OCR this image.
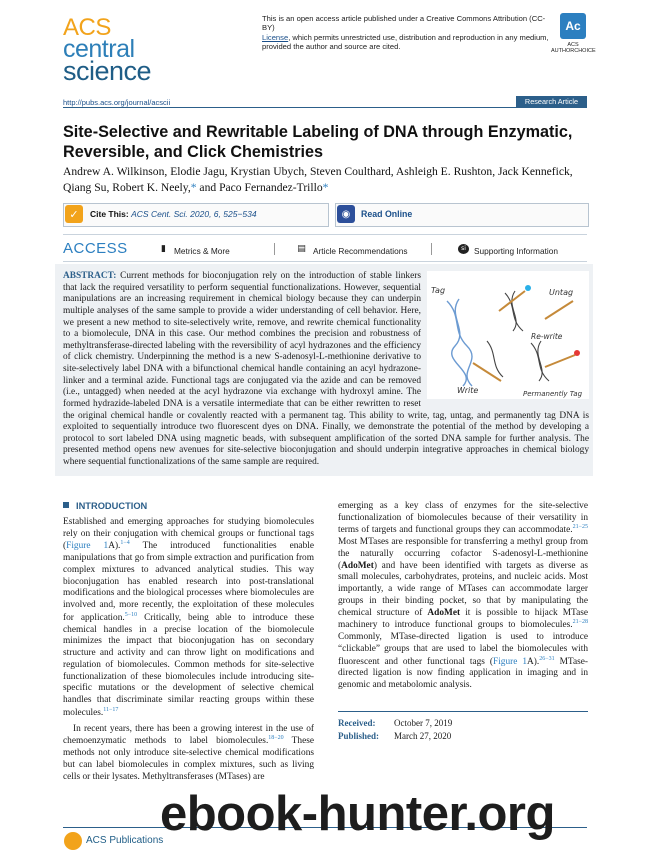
ACS
central
science
This is an open access article published under a Creative Commons Attribution (CC-BY)
License, which permits unrestricted use, distribution and reproduction in any medium, provided the author and source are cited.
Ac
ACS
AUTHORCHOICE
http://pubs.acs.org/journal/acscii	Research Article
Site-Selective and Rewritable Labeling of DNA through Enzymatic, Reversible, and Click Chemistries
Andrew A. Wilkinson, Elodie Jagu, Krystian Ubych, Steven Coulthard, Ashleigh E. Rushton, Jack Kennefick, Qiang Su, Robert K. Neely,* and Paco Fernandez-Trillo*
✓	Cite This: ACS Cent. Sci. 2020, 6, 525−534	◉	Read Online
ACCESS	▮ Metrics & More	▤ Article Recommendations	si Supporting Information
Tag	Untag
Re-write
Write	Permanently Tag
ABSTRACT: Current methods for bioconjugation rely on the introduction of stable linkers that lack the required versatility to perform sequential functionalizations. However, sequential manipulations are an increasing requirement in chemical biology because they can underpin multiple analyses of the same sample to provide a wider understanding of cell behavior. Here, we present a new method to site-selectively write, remove, and rewrite chemical functionality to a biomolecule, DNA in this case. Our method combines the precision and robustness of methyltransferase-directed labeling with the reversibility of acyl hydrazones and the efficiency of click chemistry. Underpinning the method is a new S-adenosyl-L-methionine derivative to site-selectively label DNA with a bifunctional chemical handle containing an acyl hydrazone-linker and a terminal azide. Functional tags are conjugated via the azide and can be removed (i.e., untagged) when needed at the acyl hydrazone via exchange with hydroxyl amine. The formed hydrazide-labeled DNA is a versatile intermediate that can be either rewritten to reset the original chemical handle or covalently reacted with a permanent tag. This ability to write, tag, untag, and permanently tag DNA is exploited to sequentially introduce two fluorescent dyes on DNA. Finally, we demonstrate the potential of the method by developing a protocol to sort labeled DNA using magnetic beads, with subsequent amplification of the sorted DNA sample for further analysis. The presented method opens new avenues for site-selective bioconjugation and should underpin integrative approaches in chemical biology where sequential functionalizations of the same sample are required.
INTRODUCTION

Established and emerging approaches for studying biomolecules rely on their conjugation with chemical groups or functional tags (Figure 1A).$^{1-4}$ The introduced functionalities enable manipulations that go from simple extraction and purification from complex mixtures to advanced analytical studies. This way bioconjugation has enabled research into post-translational modifications and the biological processes where biomolecules are involved and, more recently, the exploitation of these molecules for application.$^{5-10}$ Critically, being able to introduce these chemical handles in a precise location of the biomolecule minimizes the impact that bioconjugation has on secondary structure and activity and can throw light on modifications and regulation of biomolecules. Common methods for site-selective functionalization of these biomolecules include introducing site-specific mutations or the development of selective chemical handles that discriminate similar reacting groups within these molecules.$^{11-17}$

In recent years, there has been a growing interest in the use of chemoenzymatic methods to label biomolecules.$^{18-20}$ These methods not only introduce site-selective chemical modifications but can label biomolecules in complex mixtures, such as living cells or their lysates. Methyltransferases (MTases) are

emerging as a key class of enzymes for the site-selective functionalization of biomolecules because of their versatility in terms of targets and functional groups they can accommodate.$^{21-25}$ Most MTases are responsible for transferring a methyl group from the naturally occurring cofactor S-adenosyl-L-methionine (AdoMet) and have been identified with targets as diverse as small molecules, carbohydrates, proteins, and nucleic acids. Most importantly, a wide range of MTases can accommodate larger groups in their binding pocket, so that by manipulating the chemical structure of AdoMet it is possible to hijack MTase machinery to introduce functional groups to biomolecules.$^{21-28}$ Commonly, MTase-directed ligation is used to introduce “clickable” groups that are used to label the biomolecules with fluorescent and other functional tags (Figure 1A).$^{26-31}$ MTase-directed ligation is now finding application in imaging and in genomic and metabolomic analysis.

Received: October 7, 2019
Published: March 27, 2020
ACS Publications
ebook-hunter.org
